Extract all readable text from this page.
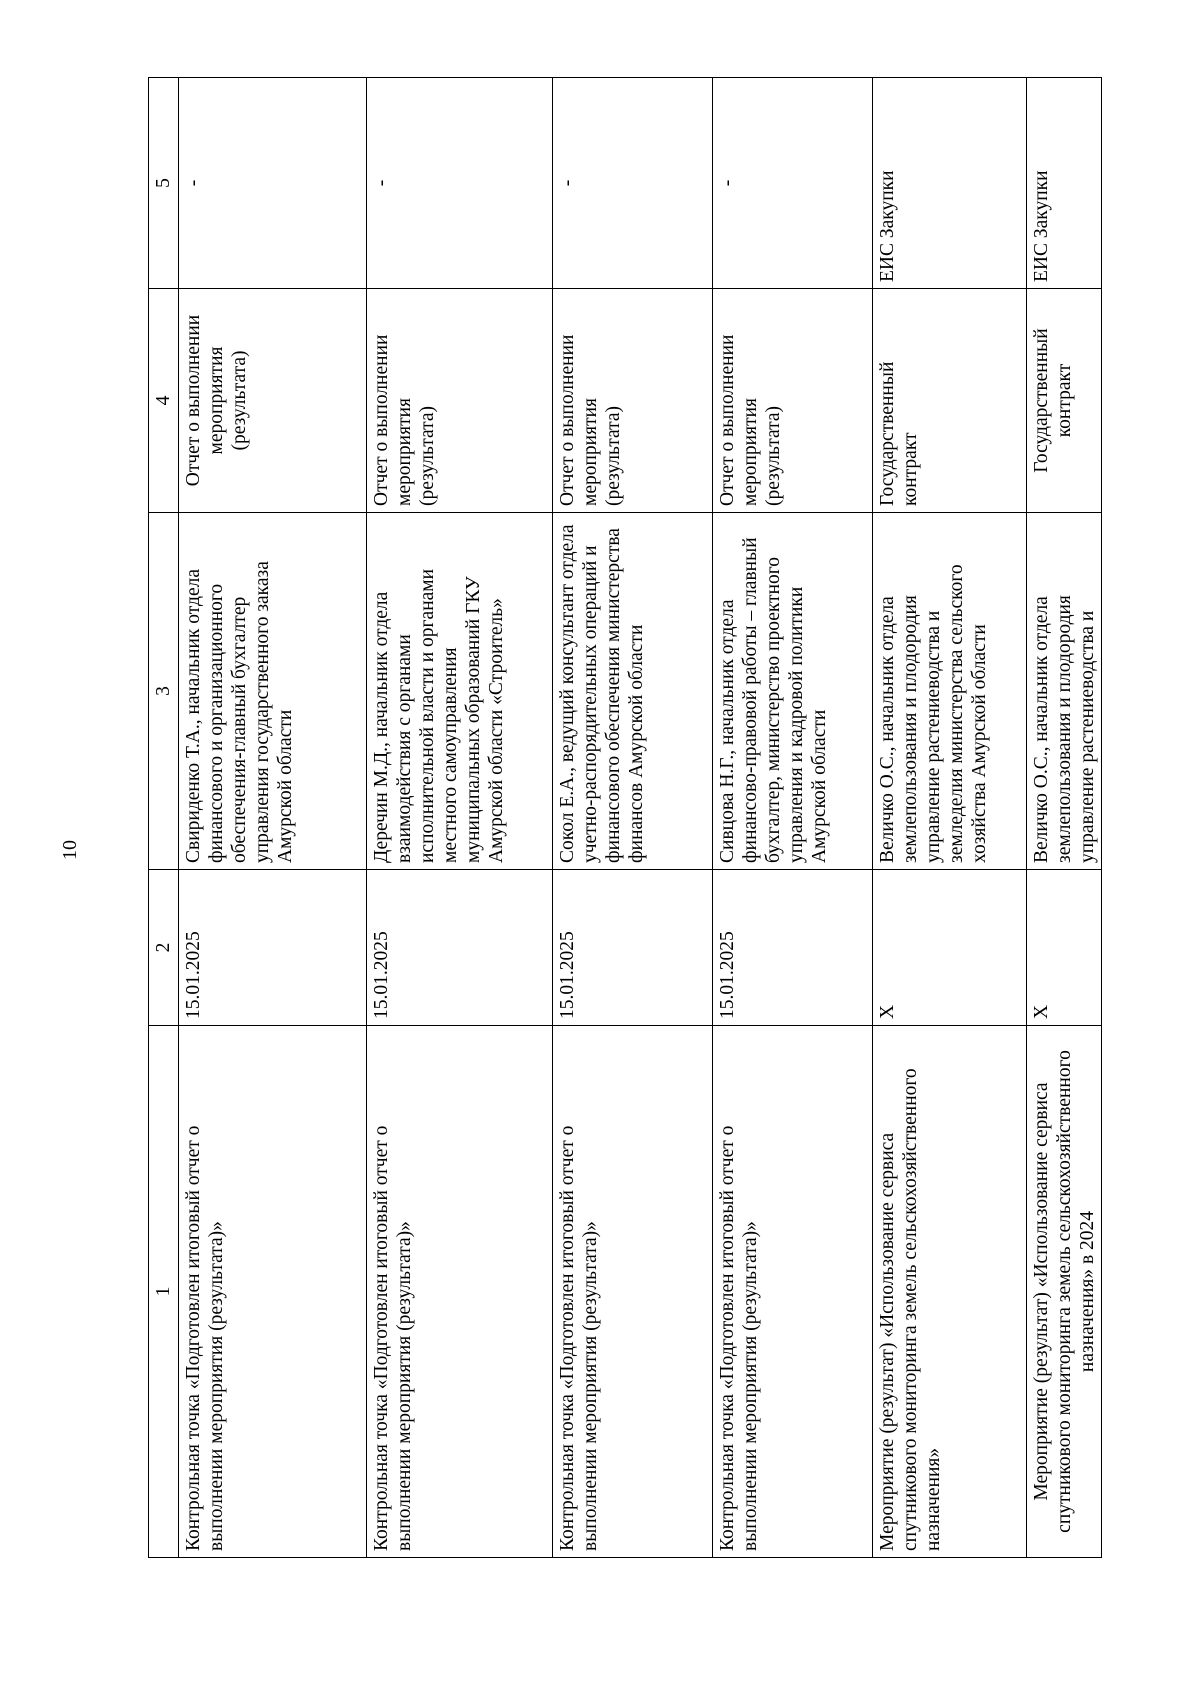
10
1	2	3	4	5
Контрольная точка «Подготовлен итоговый отчет о выполнении мероприятия (результата)»	15.01.2025	Свириденко Т.А., начальник отдела финансового и организационного обеспечения-главный бухгалтер управления государственного заказа Амурской области	Отчет о выполнении мероприятия (результата)	-
Контрольная точка «Подготовлен итоговый отчет о выполнении мероприятия (результата)»	15.01.2025	Деречин М.Д., начальник отдела взаимодействия с органами исполнительной власти и органами местного самоуправления муниципальных образований ГКУ Амурской области «Строитель»	Отчет о выполнении мероприятия (результата)	-
Контрольная точка «Подготовлен итоговый отчет о выполнении мероприятия (результата)»	15.01.2025	Сокол Е.А., ведущий консультант отдела учетно-распорядительных операций и финансового обеспечения министерства финансов Амурской области	Отчет о выполнении мероприятия (результата)	-
Контрольная точка «Подготовлен итоговый отчет о выполнении мероприятия (результата)»	15.01.2025	Сивцова Н.Г., начальник отдела финансово-правовой работы – главный бухгалтер, министерство проектного управления и кадровой политики Амурской области	Отчет о выполнении мероприятия (результата)	-
Мероприятие (результат) «Использование сервиса спутникового мониторинга земель сельскохозяйственного назначения»	Х	Величко О.С., начальник отдела землепользования и плодородия управление растениеводства и земледелия министерства сельского хозяйства Амурской области	Государственный контракт	ЕИС Закупки
Мероприятие (результат) «Использование сервиса спутникового мониторинга земель сельскохозяйственного назначения» в 2024	Х	Величко О.С., начальник отдела землепользования и плодородия управление растениеводства и	Государственный контракт	ЕИС Закупки
